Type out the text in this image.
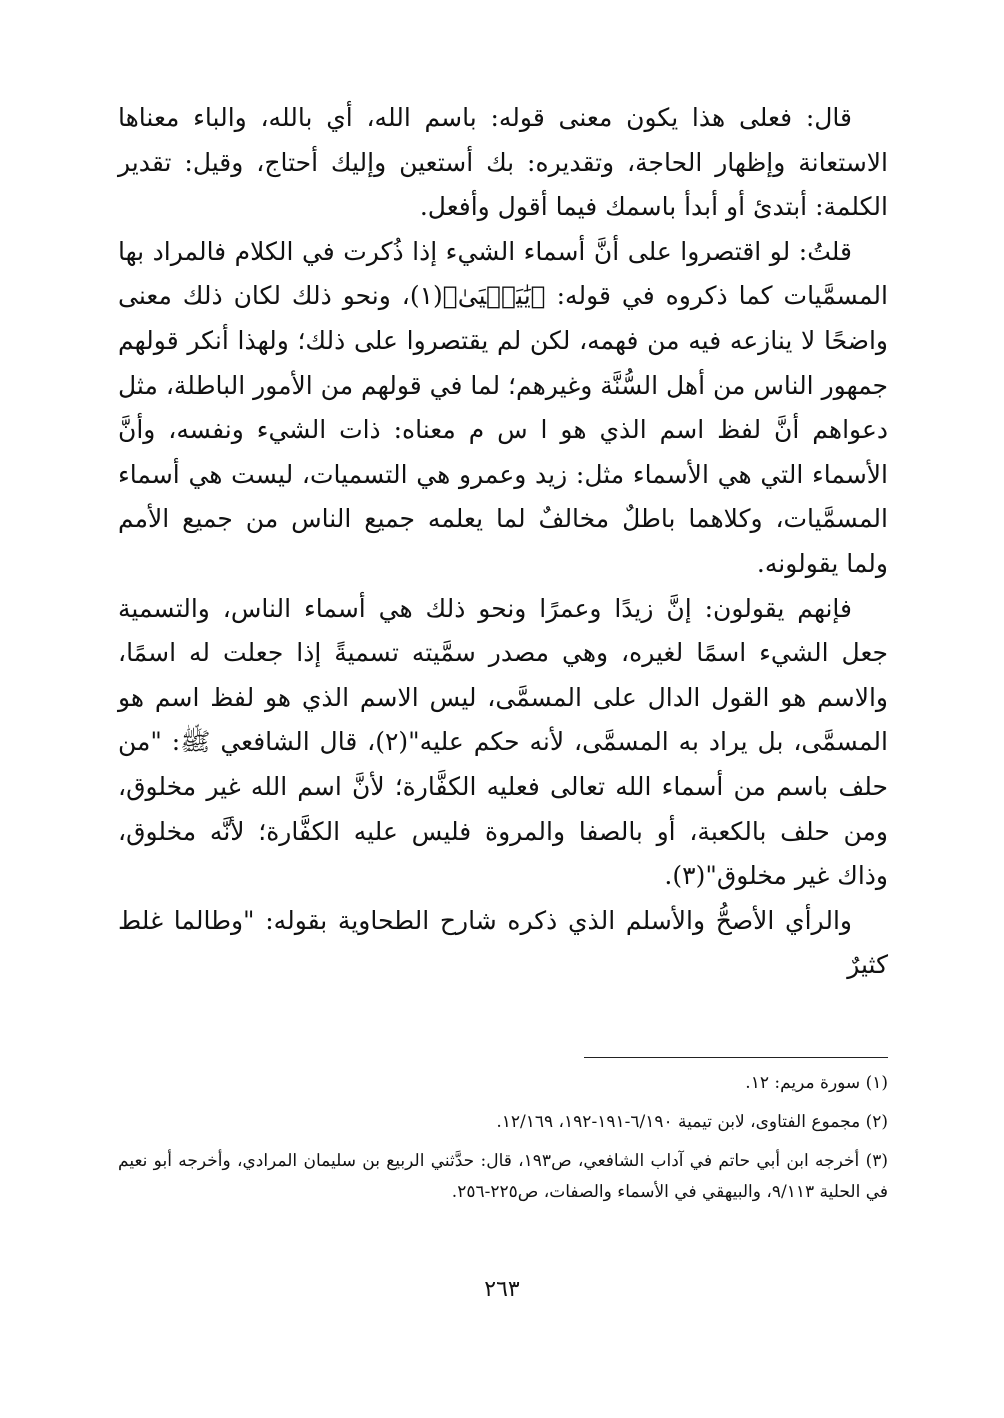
قال: فعلى هذا يكون معنى قوله: باسم الله، أي بالله، والباء معناها الاستعانة وإظهار الحاجة، وتقديره: بك أستعين وإليك أحتاج، وقيل: تقدير الكلمة: أبتدئ أو أبدأ باسمك فيما أقول وأفعل.

قلتُ: لو اقتصروا على أنَّ أسماء الشيء إذا ذُكرت في الكلام فالمراد بها المسمَّيات كما ذكروه في قوله: ﴿يَٰيَحۡيَىٰ﴾(١)، ونحو ذلك لكان ذلك معنى واضحًا لا ينازعه فيه من فهمه، لكن لم يقتصروا على ذلك؛ ولهذا أنكر قولهم جمهور الناس من أهل السُّنَّة وغيرهم؛ لما في قولهم من الأمور الباطلة، مثل دعواهم أنَّ لفظ اسم الذي هو ا س م معناه: ذات الشيء ونفسه، وأنَّ الأسماء التي هي الأسماء مثل: زيد وعمرو هي التسميات، ليست هي أسماء المسمَّيات، وكلاهما باطلٌ مخالفٌ لما يعلمه جميع الناس من جميع الأمم ولما يقولونه.

فإنهم يقولون: إنَّ زيدًا وعمرًا ونحو ذلك هي أسماء الناس، والتسمية جعل الشيء اسمًا لغيره، وهي مصدر سمَّيته تسميةً إذا جعلت له اسمًا، والاسم هو القول الدال على المسمَّى، ليس الاسم الذي هو لفظ اسم هو المسمَّى، بل يراد به المسمَّى، لأنه حكم عليه"(٢)، قال الشافعي ﷺ: "من حلف باسم من أسماء الله تعالى فعليه الكفَّارة؛ لأنَّ اسم الله غير مخلوق، ومن حلف بالكعبة، أو بالصفا والمروة فليس عليه الكفَّارة؛ لأنَّه مخلوق، وذاك غير مخلوق"(٣).

والرأي الأصحُّ والأسلم الذي ذكره شارح الطحاوية بقوله: "وطالما غلط كثيرٌ

(١) سورة مريم: ١٢.

(٢) مجموع الفتاوى، لابن تيمية ٦/١٩٠-١٩١-١٩٢، ١٢/١٦٩.

(٣) أخرجه ابن أبي حاتم في آداب الشافعي، ص١٩٣، قال: حدَّثني الربيع بن سليمان المرادي، وأخرجه أبو نعيم في الحلية ٩/١١٣، والبيهقي في الأسماء والصفات، ص٢٢٥-٢٥٦.

٢٦٣
